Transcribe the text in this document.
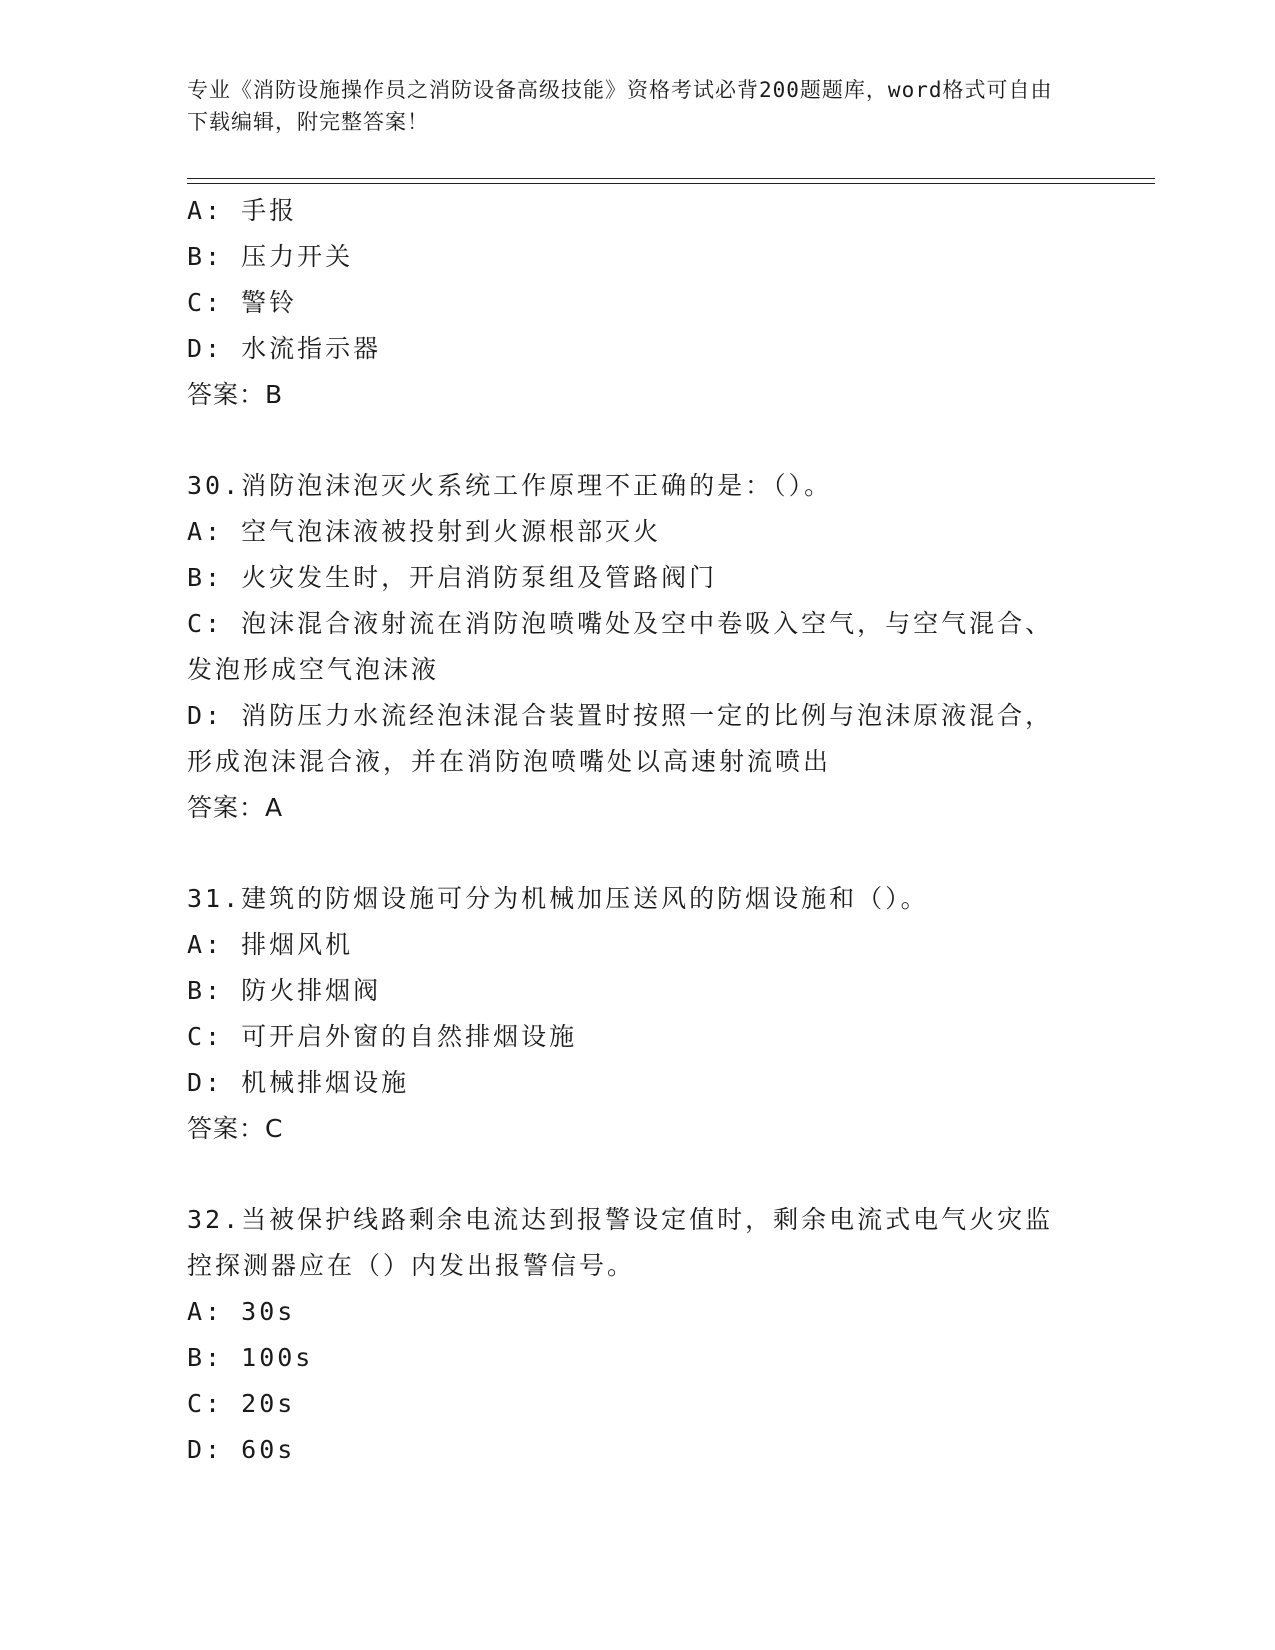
专业《消防设施操作员之消防设备高级技能》资格考试必背200题题库，word格式可自由下载编辑，附完整答案！
A: 手报
B: 压力开关
C: 警铃
D: 水流指示器
答案：B
30.消防泡沫泡灭火系统工作原理不正确的是：（）。
A: 空气泡沫液被投射到火源根部灭火
B: 火灾发生时，开启消防泵组及管路阀门
C: 泡沫混合液射流在消防泡喷嘴处及空中卷吸入空气，与空气混合、
发泡形成空气泡沫液
D: 消防压力水流经泡沫混合装置时按照一定的比例与泡沫原液混合，
形成泡沫混合液，并在消防泡喷嘴处以高速射流喷出
答案：A
31.建筑的防烟设施可分为机械加压送风的防烟设施和（）。
A: 排烟风机
B: 防火排烟阀
C: 可开启外窗的自然排烟设施
D: 机械排烟设施
答案：C
32.当被保护线路剩余电流达到报警设定值时，剩余电流式电气火灾监
控探测器应在（）内发出报警信号。
A: 30s
B: 100s
C: 20s
D: 60s
